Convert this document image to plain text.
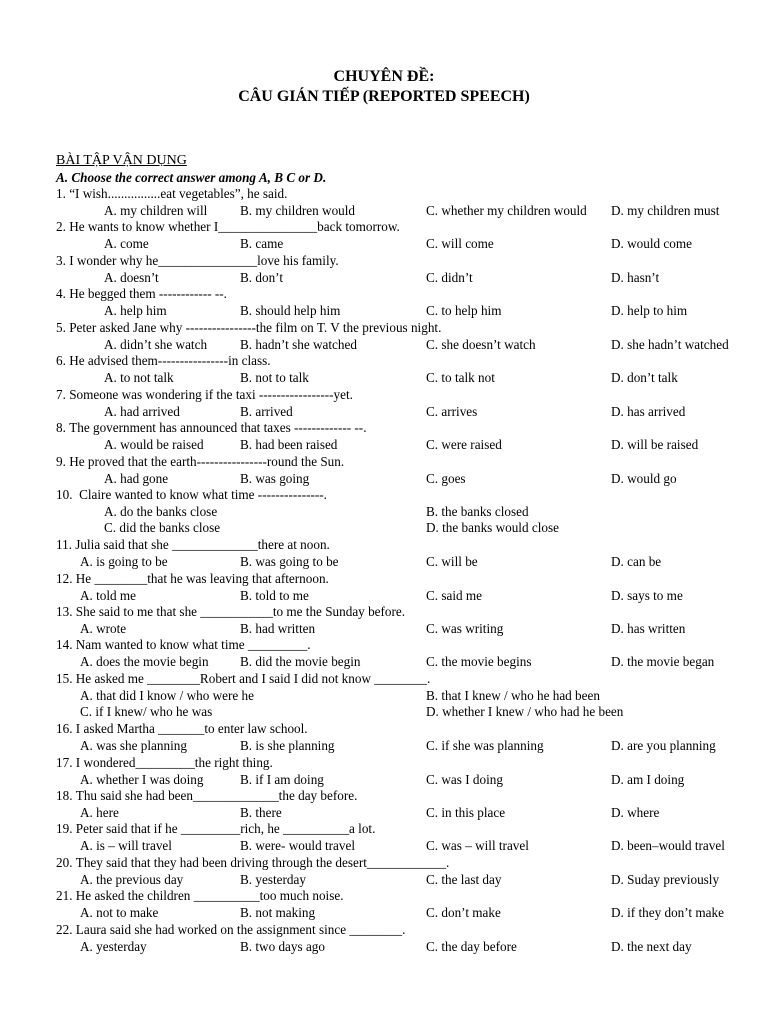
CHUYÊN ĐỀ:
CÂU GIÁN TIẾP (REPORTED SPEECH)
BÀI TẬP VẬN DỤNG
A. Choose the correct answer among A, B C or D.
1. “I wish................eat vegetables”, he said.
A. my children will B. my children would	C. whether my children would D. my children must
2. He wants to know whether I_______________back tomorrow.
A. come	B. came	C. will come	D. would come
3. I wonder why he_______________love his family.
A. doesn’t	B. don’t	C. didn’t	D. hasn’t
4. He begged them ------------ --.
A. help him	B. should help him	C. to help him	D. help to him
5. Peter asked Jane why ----------------the film on T. V the previous night.
A. didn’t she watch B. hadn’t she watched	C. she doesn’t watch	D. she hadn’t watched
6. He advised them----------------in class.
A. to not talk	B. not to talk	C. to talk not	D. don’t talk
7. Someone was wondering if the taxi -----------------yet.
A. had arrived	B. arrived	C. arrives	D. has arrived
8. The government has announced that taxes ------------- --.
A. would be raised	B. had been raised	C. were raised	D. will be raised
9. He proved that the earth----------------round the Sun.
A. had gone	B. was going	C. goes	D. would go
10. Claire wanted to know what time ---------------.
A. do the banks close	B. the banks closed
C. did the banks close	D. the banks would close
11. Julia said that she _____________there at noon.
A. is going to be	B. was going to be	C. will be	D. can be
12. He ________that he was leaving that afternoon.
A. told me	B. told to me	C. said me	D. says to me
13. She said to me that she ___________to me the Sunday before.
A. wrote	B. had written	C. was writing	D. has written
14. Nam wanted to know what time _________.
A. does the movie begin B. did the movie begin	C. the movie begins	D. the movie began
15. He asked me ________Robert and I said I did not know ________.
A. that did I know / who were he	B. that I knew / who he had been
C. if I knew/ who he was	D. whether I knew / who had he been
16. I asked Martha _______to enter law school.
A. was she planning	B. is she planning	C. if she was planning	D. are you planning
17. I wondered_________the right thing.
A. whether I was doing	B. if I am doing	C. was I doing	D. am I doing
18. Thu said she had been_____________the day before.
A. here	B. there	C. in this place	D. where
19. Peter said that if he _________rich, he __________a lot.
A. is – will travel	B. were- would travel	C. was – will travel	D. been–would travel
20. They said that they had been driving through the desert____________.
A. the previous day	B. yesterday	C. the last day	D. Suday previously
21. He asked the children __________too much noise.
A. not to make	B. not making	C. don’t make	D. if they don’t make
22. Laura said she had worked on the assignment since ________.
A. yesterday	B. two days ago	C. the day before	D. the next day
